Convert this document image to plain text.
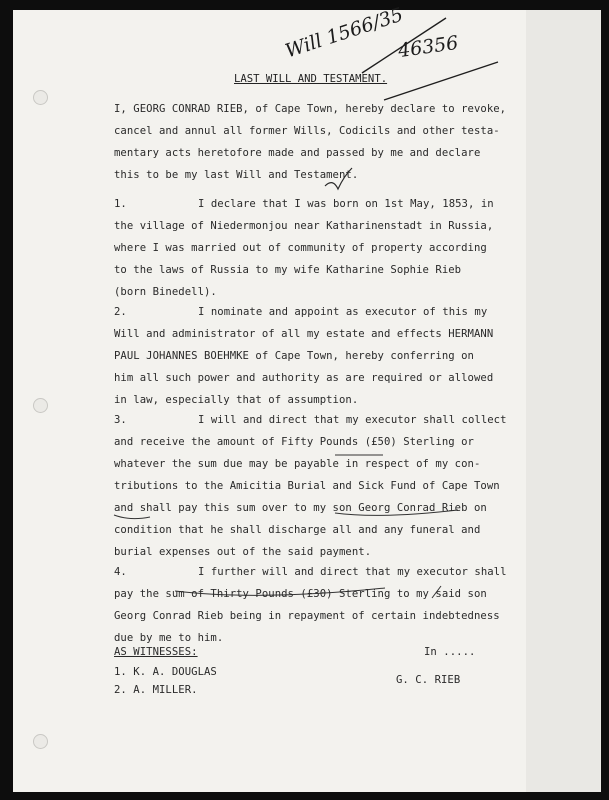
Will 1566/35
46356
LAST WILL AND TESTAMENT.
I, GEORG CONRAD RIEB, of Cape Town, hereby declare to revoke,
cancel and annul all former Wills, Codicils and other testa-
mentary acts heretofore made and passed by me and declare
this to be my last Will and Testament.
1.	I declare that I was born on 1st May, 1853, in
the village of Niedermonjou near Katharinenstadt in Russia,
where I was married out of community of property according
to the laws of Russia to my wife Katharine Sophie Rieb
(born Binedell).
2.	I nominate and appoint as executor of this my
Will and administrator of all my estate and effects HERMANN
PAUL JOHANNES BOEHMKE of Cape Town, hereby conferring on
him all such power and authority as are required or allowed
in law, especially that of assumption.
3.	I will and direct that my executor shall collect
and receive the amount of Fifty Pounds (£50) Sterling or
whatever the sum due may be payable in respect of my con-
tributions to the Amicitia Burial and Sick Fund of Cape Town
and shall pay this sum over to my son Georg Conrad Rieb on
condition that he shall discharge all and any funeral and
burial expenses out of the said payment.
4.	I further will and direct that my executor shall
pay the sum of Thirty Pounds (£30) Sterling to my said son
Georg Conrad Rieb being in repayment of certain indebtedness
due by me to him.
AS WITNESSES:	In .....
1. K. A. DOUGLAS
G. C. RIEB
2. A. MILLER.
